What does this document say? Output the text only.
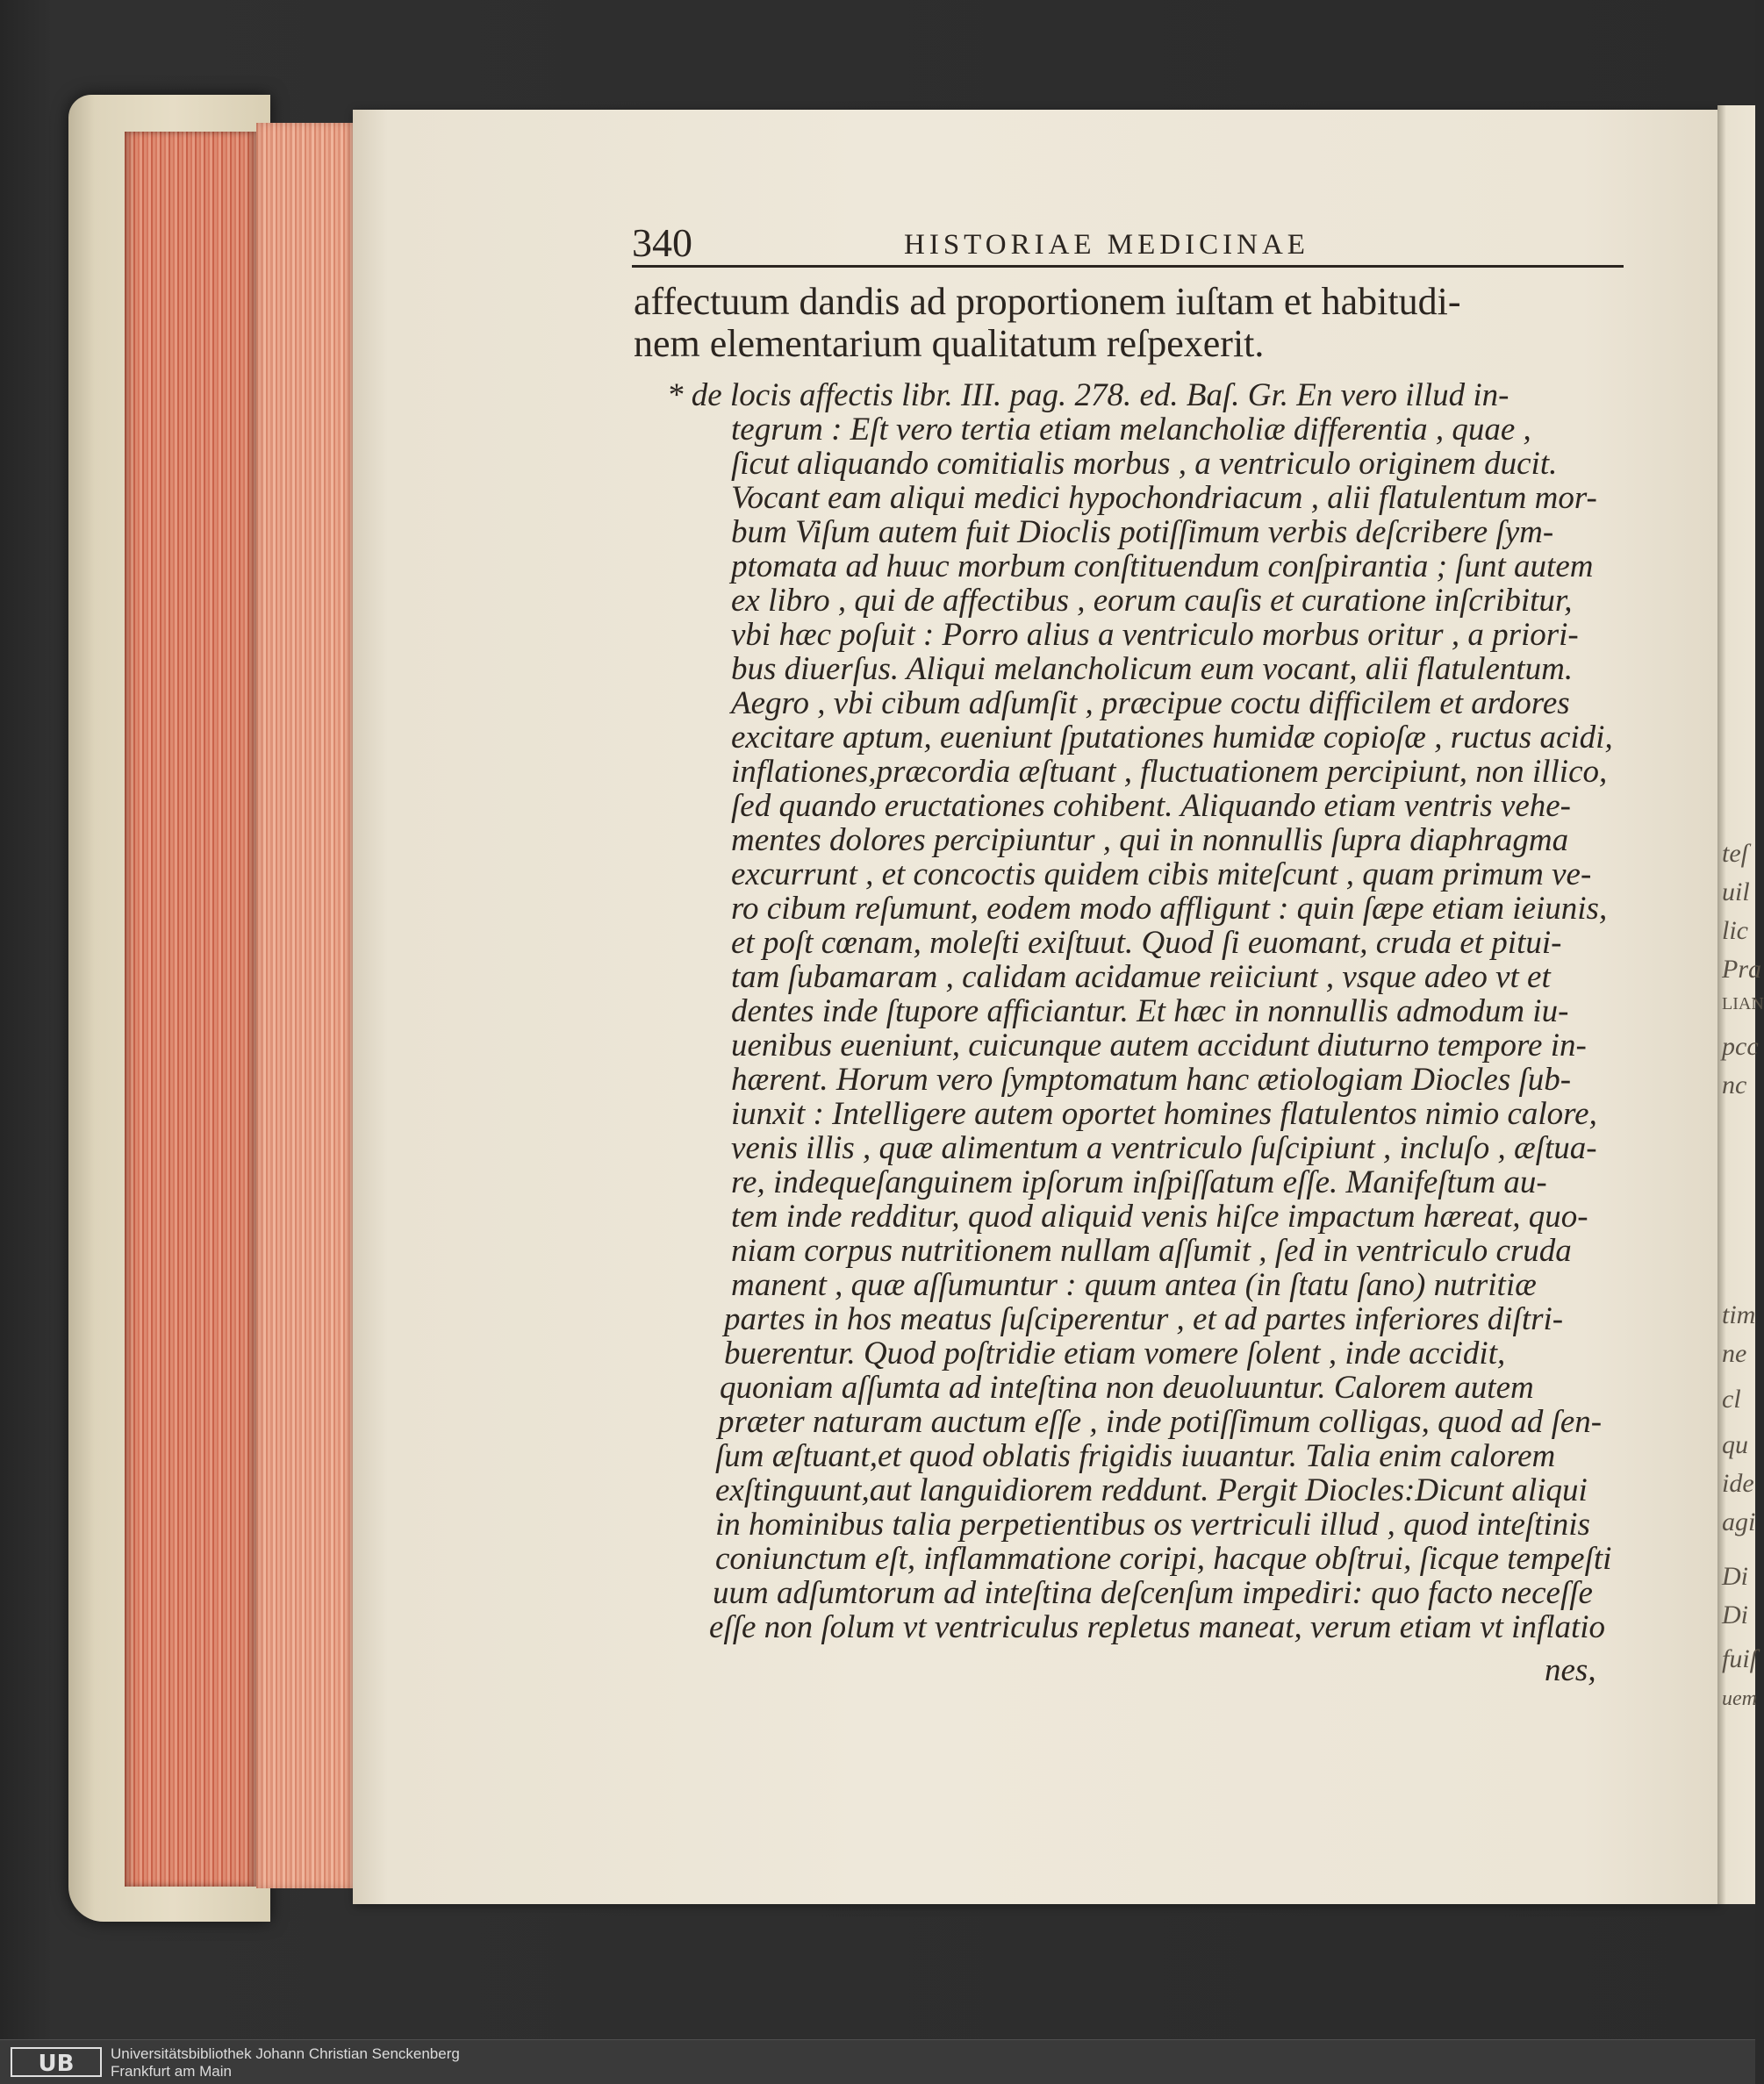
teſ
uil
lic
Pra
LIAN
pcc
nc
tim
ne
cl
qu
ide
agi
Di
Di
fuiſ
uem
340	HISTORIAE MEDICINAE
affectuum dandis ad proportionem iuſtam et habitudi-
nem elementarium qualitatum reſpexerit.
* de locis affectis libr. III. pag. 278. ed. Baſ. Gr. En vero illud in-
tegrum : Eſt vero tertia etiam melancholiæ differentia , quae ,
ſicut aliquando comitialis morbus , a ventriculo originem ducit.
Vocant eam aliqui medici hypochondriacum , alii flatulentum mor-
bum Viſum autem fuit Dioclis potiſſimum verbis deſcribere ſym-
ptomata ad huuc morbum conſtituendum conſpirantia ; ſunt autem
ex libro , qui de affectibus , eorum cauſis et curatione inſcribitur,
vbi hæc poſuit : Porro alius a ventriculo morbus oritur , a priori-
bus diuerſus. Aliqui melancholicum eum vocant, alii flatulentum.
Aegro , vbi cibum adſumſit , præcipue coctu difficilem et ardores
excitare aptum, eueniunt ſputationes humidæ copioſæ , ructus acidi,
inflationes,præcordia æſtuant , fluctuationem percipiunt, non illico,
ſed quando eructationes cohibent. Aliquando etiam ventris vehe-
mentes dolores percipiuntur , qui in nonnullis ſupra diaphragma
excurrunt , et concoctis quidem cibis miteſcunt , quam primum ve-
ro cibum reſumunt, eodem modo affligunt : quin ſæpe etiam ieiunis,
et poſt cœnam, moleſti exiſtuut. Quod ſi euomant, cruda et pitui-
tam ſubamaram , calidam acidamue reiiciunt , vsque adeo vt et
dentes inde ſtupore afficiantur. Et hæc in nonnullis admodum iu-
uenibus eueniunt, cuicunque autem accidunt diuturno tempore in-
hærent. Horum vero ſymptomatum hanc ætiologiam Diocles ſub-
iunxit : Intelligere autem oportet homines flatulentos nimio calore,
venis illis , quæ alimentum a ventriculo ſuſcipiunt , incluſo , æſtua-
re, indequeſanguinem ipſorum inſpiſſatum eſſe. Manifeſtum au-
tem inde redditur, quod aliquid venis hiſce impactum hæreat, quo-
niam corpus nutritionem nullam aſſumit , ſed in ventriculo cruda
manent , quæ aſſumuntur : quum antea (in ſtatu ſano) nutritiæ
partes in hos meatus ſuſciperentur , et ad partes inferiores diſtri-
buerentur. Quod poſtridie etiam vomere ſolent , inde accidit,
quoniam aſſumta ad inteſtina non deuoluuntur. Calorem autem
præter naturam auctum eſſe , inde potiſſimum colligas, quod ad ſen-
ſum æſtuant,et quod oblatis frigidis iuuantur. Talia enim calorem
exſtinguunt,aut languidiorem reddunt. Pergit Diocles:Dicunt aliqui
in hominibus talia perpetientibus os vertriculi illud , quod inteſtinis
coniunctum eſt, inflammatione coripi, hacque obſtrui, ſicque tempeſti
uum adſumtorum ad inteſtina deſcenſum impediri: quo facto neceſſe
eſſe non ſolum vt ventriculus repletus maneat, verum etiam vt inflatio
nes,
UB	Universitätsbibliothek Johann Christian Senckenberg
Frankfurt am Main
